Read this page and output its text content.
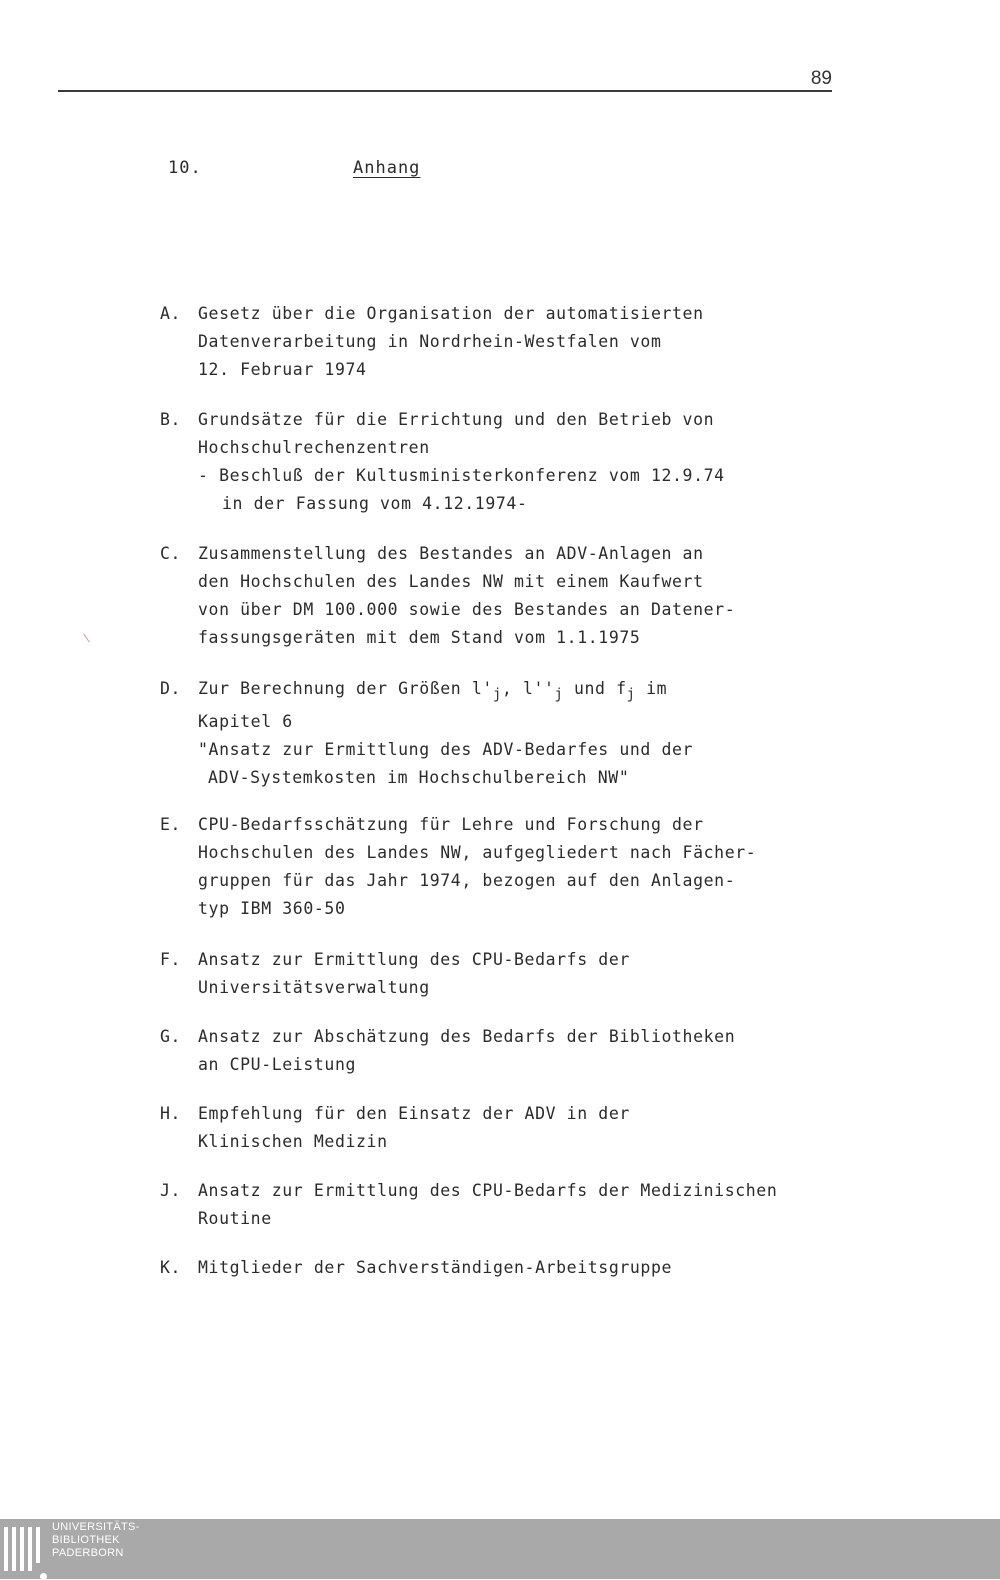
89
10.	Anhang
A. Gesetz über die Organisation der automatisierten
Datenverarbeitung in Nordrhein-Westfalen vom
12. Februar 1974
B. Grundsätze für die Errichtung und den Betrieb von
Hochschulrechenzentren
- Beschluß der Kultusministerkonferenz vom 12.9.74
in der Fassung vom 4.12.1974-
C. Zusammenstellung des Bestandes an ADV-Anlagen an
den Hochschulen des Landes NW mit einem Kaufwert
von über DM 100.000 sowie des Bestandes an Datener-
fassungsgeräten mit dem Stand vom 1.1.1975
D. Zur Berechnung der Größen $l'_j$, $l''_j$ und $f_j$ im
Kapitel 6
"Ansatz zur Ermittlung des ADV-Bedarfes und der
ADV-Systemkosten im Hochschulbereich NW"
E. CPU-Bedarfsschätzung für Lehre und Forschung der
Hochschulen des Landes NW, aufgegliedert nach Fächer-
gruppen für das Jahr 1974, bezogen auf den Anlagen-
typ IBM 360-50
F. Ansatz zur Ermittlung des CPU-Bedarfs der
Universitätsverwaltung
G. Ansatz zur Abschätzung des Bedarfs der Bibliotheken
an CPU-Leistung
H. Empfehlung für den Einsatz der ADV in der
Klinischen Medizin
J. Ansatz zur Ermittlung des CPU-Bedarfs der Medizinischen
Routine
K. Mitglieder der Sachverständigen-Arbeitsgruppe
UNIVERSITÄTS-
BIBLIOTHEK
PADERBORN
